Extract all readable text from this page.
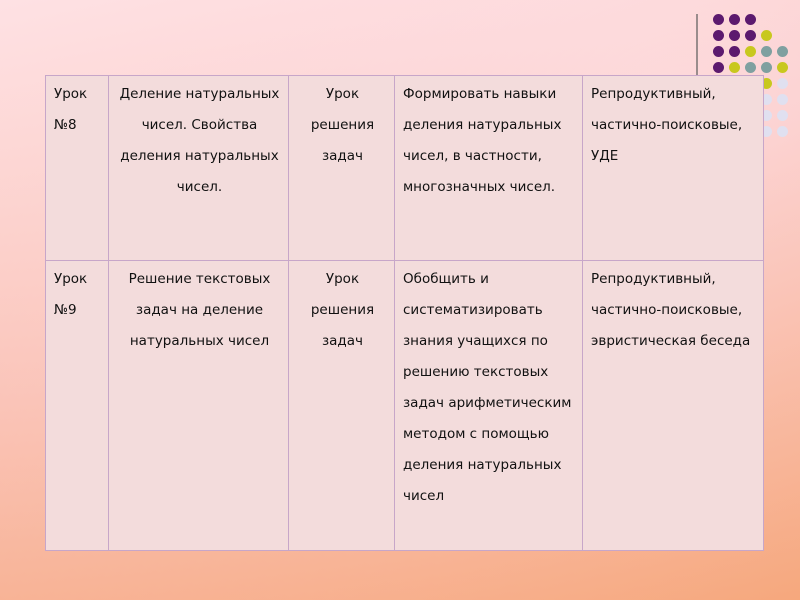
Урок №8	Деление натуральных чисел. Свойства деления натуральных чисел.	Урок решения задач	Формировать навыки деления натуральных чисел, в частности, многозначных чисел.	Репродуктивный, частично-поисковые, УДЕ
Урок №9	Решение текстовых задач на деление натуральных чисел	Урок решения задач	Обобщить и систематизировать знания учащихся по решению текстовых задач арифметическим методом с помощью деления натуральных чисел	Репродуктивный, частично-поисковые, эвристическая беседа
